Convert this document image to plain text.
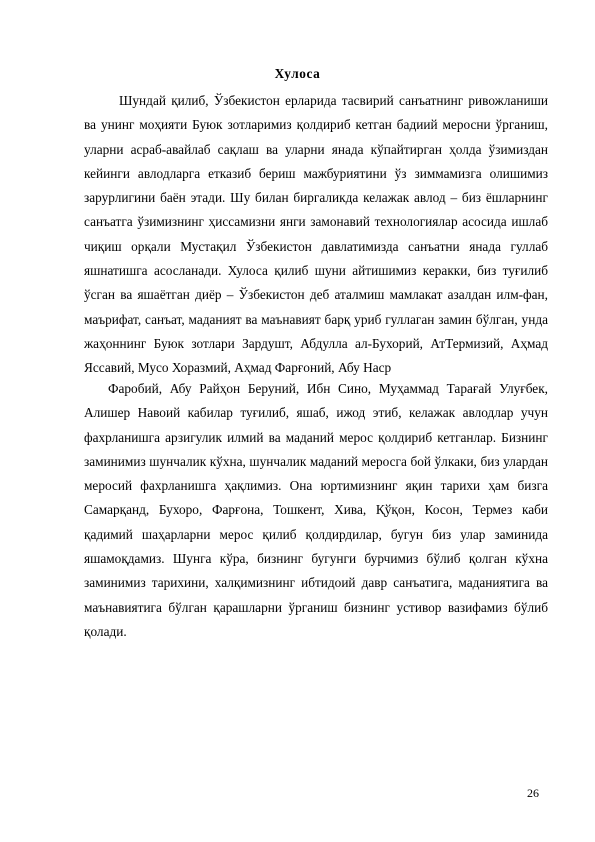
Хулоса

Шундай қилиб, Ўзбекистон ерларида тасвирий санъатнинг ривожланиши ва унинг моҳияти Буюк зотларимиз қолдириб кетган бадиий меросни ўрганиш, уларни асраб-авайлаб сақлаш ва уларни янада кўпайтирган ҳолда ўзимиздан кейинги авлодларга етказиб бериш мажбуриятини ўз зиммамизга олишимиз зарурлигини баён этади. Шу билан биргаликда келажак авлод – биз ёшларнинг санъатга ўзимизнинг ҳиссамизни янги замонавий технологиялар асосида ишлаб чиқиш орқали Мустақил Ўзбекистон давлатимизда санъатни янада гуллаб яшнатишга асосланади. Хулоса қилиб шуни айтишимиз керакки, биз туғилиб ўсган ва яшаётган диёр – Ўзбекистон деб аталмиш мамлакат азалдан илм-фан, маърифат, санъат, маданият ва маънавият барқ уриб гуллаган замин бўлган, унда жаҳоннинг Буюк зотлари Зардушт, Абдулла ал-Бухорий, АтТермизий, Аҳмад Яссавий, Мусо Хоразмий, Аҳмад Фарғоний, Абу Наср

Фаробий, Абу Райҳон Беруний, Ибн Сино, Муҳаммад Тарағай Улуғбек, Алишер Навоий кабилар туғилиб, яшаб, ижод этиб, келажак авлодлар учун фахрланишга арзигулик илмий ва маданий мерос қолдириб кетганлар. Бизнинг заминимиз шунчалик кўхна, шунчалик маданий меросга бой ўлкаки, биз улардан меросий фахрланишга ҳақлимиз. Она юртимизнинг яқин тарихи ҳам бизга Самарқанд, Бухоро, Фарғона, Тошкент, Хива, Қўқон, Косон, Термез каби қадимий шаҳарларни мерос қилиб қолдирдилар, бугун биз улар заминида яшамоқдамиз. Шунга кўра, бизнинг бугунги бурчимиз бўлиб қолган кўхна заминимиз тарихини, халқимизнинг ибтидоий давр санъатига, маданиятига ва маънавиятига бўлган қарашларни ўрганиш бизнинг устивор вазифамиз бўлиб қолади.

26
